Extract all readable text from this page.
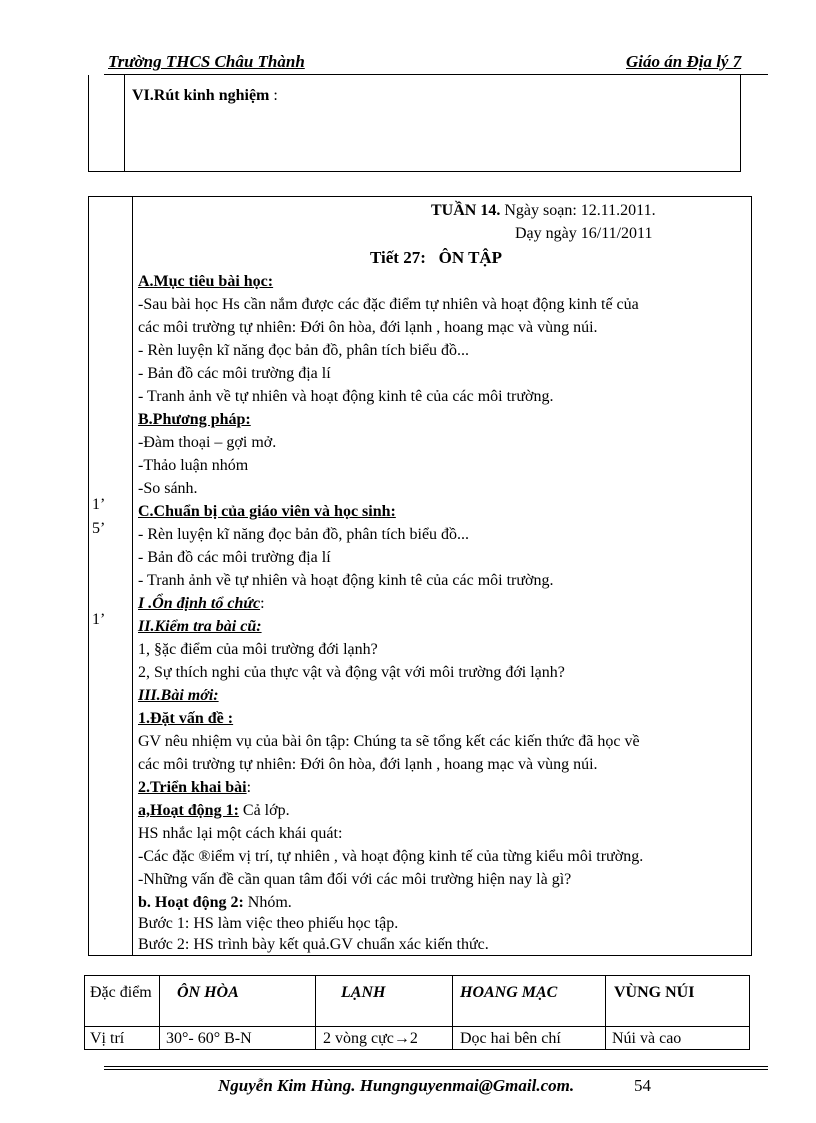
Trường THCS Châu Thành	Giáo án Địa lý 7
VI.Rút kinh nghiệm :
TUẦN 14. Ngày soạn: 12.11.2011.
Dạy ngày 16/11/2011
Tiết 27: ÔN TẬP
1’
5’
1’
A.Mục tiêu bài học:
-Sau bài học Hs cần nắm được các đặc điểm tự nhiên và hoạt động kinh tế của
các môi trường tự nhiên: Đới ôn hòa, đới lạnh , hoang mạc và vùng núi.
- Rèn luyện kĩ năng đọc bản đồ, phân tích biểu đồ...
- Bản đồ các môi trường địa lí
- Tranh ảnh về tự nhiên và hoạt động kinh tê của các môi trường.
B.Phương pháp:
-Đàm thoại – gợi mở.
-Thảo luận nhóm
-So sánh.
C.Chuẩn bị của giáo viên và học sinh:
- Rèn luyện kĩ năng đọc bản đồ, phân tích biểu đồ...
- Bản đồ các môi trường địa lí
- Tranh ảnh về tự nhiên và hoạt động kinh tê của các môi trường.
I .Ổn định tổ chức:
II.Kiểm tra bài cũ:
1, §ặc điểm của môi trường đới lạnh?
2, Sự thích nghi của thực vật và động vật với môi trường đới lạnh?
III.Bài mới:
1.Đặt vấn đề :
GV nêu nhiệm vụ của bài ôn tập: Chúng ta sẽ tổng kết các kiến thức đã học về
các môi trường tự nhiên: Đới ôn hòa, đới lạnh , hoang mạc và vùng núi.
2.Triển khai bài:
a,Hoạt động 1: Cả lớp.
HS nhắc lại một cách khái quát:
-Các đặc ®iểm vị trí, tự nhiên , và hoạt động kinh tế của từng kiểu môi trường.
-Những vấn đề cần quan tâm đối với các môi trường hiện nay là gì?
b. Hoạt động 2: Nhóm.
Bước 1: HS làm việc theo phiếu học tập.
Bước 2: HS trình bày kết quả.GV chuẩn xác kiến thức.
Đặc điểm ÔN HÒA	LẠNH	HOANG MẠC	VÙNG NÚI
Vị trí	30°- 60° B-N	2 vòng cực→2	Dọc hai bên chí	Núi và cao
Nguyễn Kim Hùng. Hungnguyenmai@Gmail.com.	54
